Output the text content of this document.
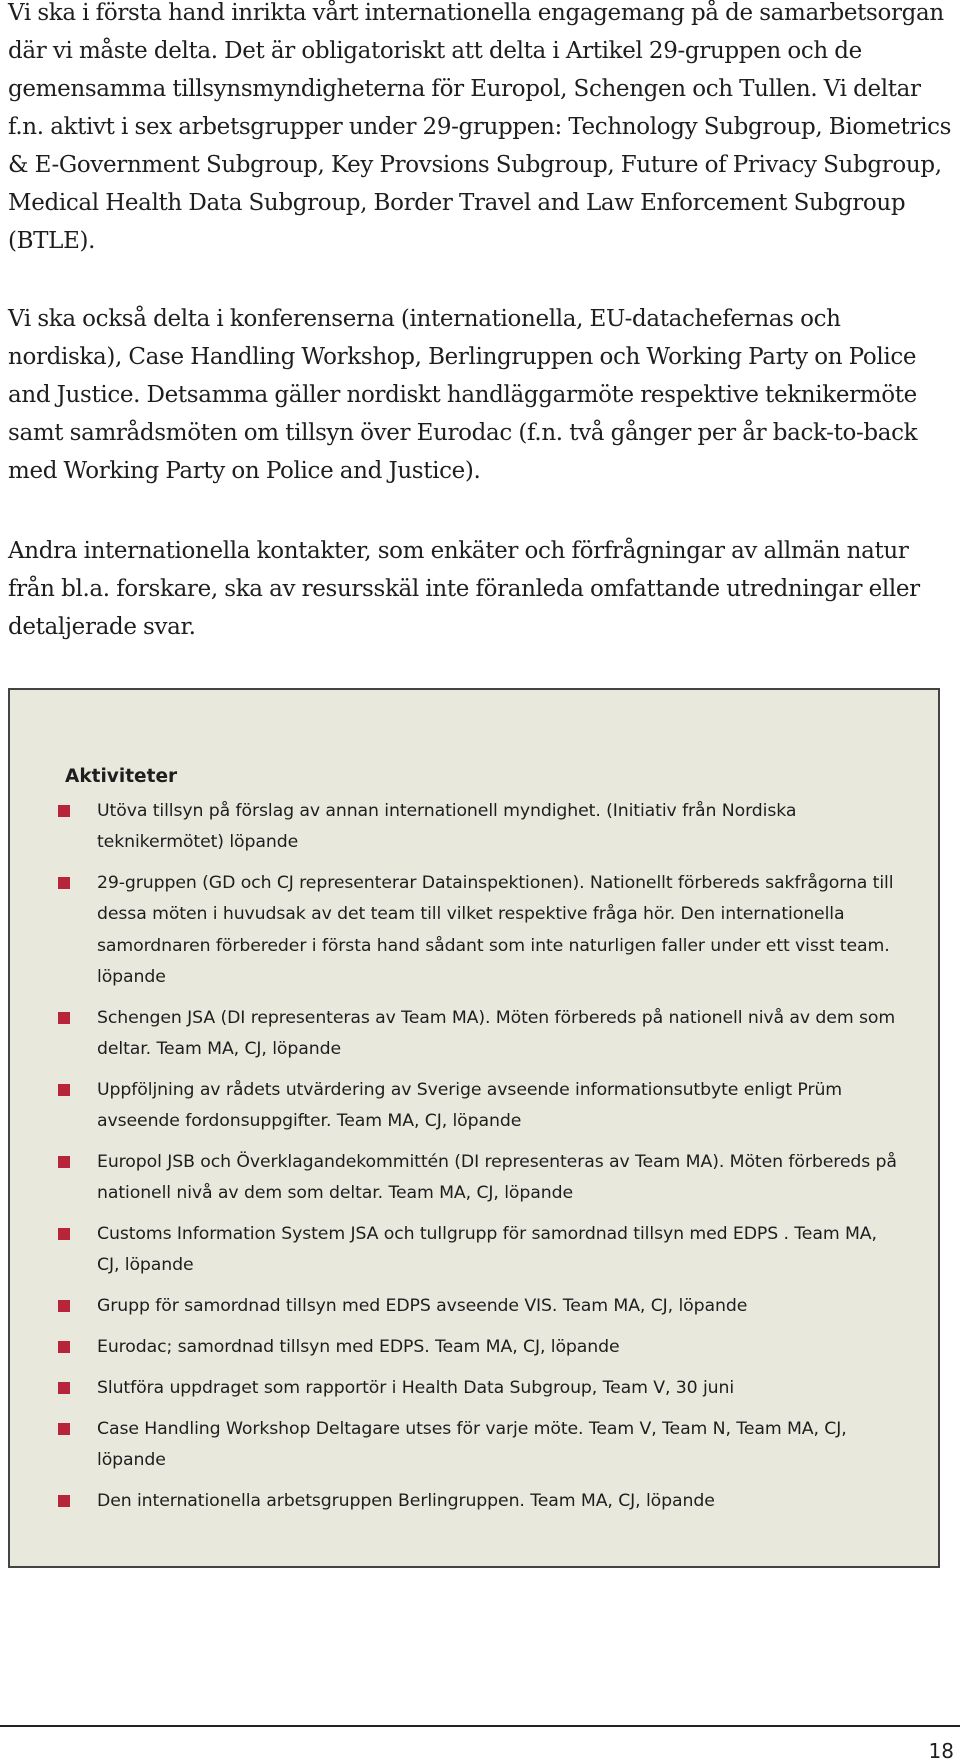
Vi ska i första hand inrikta vårt internationella engagemang på de samarbetsorgan där vi måste delta. Det är obligatoriskt att delta i Artikel 29-gruppen och de gemensamma tillsynsmyndigheterna för Europol, Schengen och Tullen. Vi deltar f.n. aktivt i sex arbetsgrupper under 29-gruppen: Technology Subgroup, Biometrics & E-Government Subgroup, Key Provsions Subgroup, Future of Privacy Subgroup, Medical Health Data Subgroup, Border Travel and Law Enforcement Subgroup (BTLE).

Vi ska också delta i konferenserna (internationella, EU-datachefernas och nordiska), Case Handling Workshop, Berlingruppen och Working Party on Police and Justice. Detsamma gäller nordiskt handläggarmöte respektive teknikermöte samt samrådsmöten om tillsyn över Eurodac (f.n. två gånger per år back-to-back med Working Party on Police and Justice).

Andra internationella kontakter, som enkäter och förfrågningar av allmän natur från bl.a. forskare, ska av resursskäl inte föranleda omfattande utredningar eller detaljerade svar.

Aktiviteter
Utöva tillsyn på förslag av annan internationell myndighet. (Initiativ från Nordiska teknikermötet) löpande
29-gruppen (GD och CJ representerar Datainspektionen). Nationellt förbereds sakfrågorna till dessa möten i huvudsak av det team till vilket respektive fråga hör. Den internationella samordnaren förbereder i första hand sådant som inte naturligen faller under ett visst team. löpande
Schengen JSA (DI representeras av Team MA). Möten förbereds på nationell nivå av dem som deltar. Team MA, CJ, löpande
Uppföljning av rådets utvärdering av Sverige avseende informationsutbyte enligt Prüm avseende fordonsuppgifter. Team MA, CJ, löpande
Europol JSB och Överklagandekommittén (DI representeras av Team MA). Möten förbereds på nationell nivå av dem som deltar. Team MA, CJ, löpande
Customs Information System JSA och tullgrupp för samordnad tillsyn med EDPS . Team MA, CJ, löpande
Grupp för samordnad tillsyn med EDPS avseende VIS. Team MA, CJ, löpande
Eurodac; samordnad tillsyn med EDPS. Team MA, CJ, löpande
Slutföra uppdraget som rapportör i Health Data Subgroup, Team V, 30 juni
Case Handling Workshop Deltagare utses för varje möte. Team V, Team N, Team MA, CJ, löpande
Den internationella arbetsgruppen Berlingruppen. Team MA, CJ, löpande

18
